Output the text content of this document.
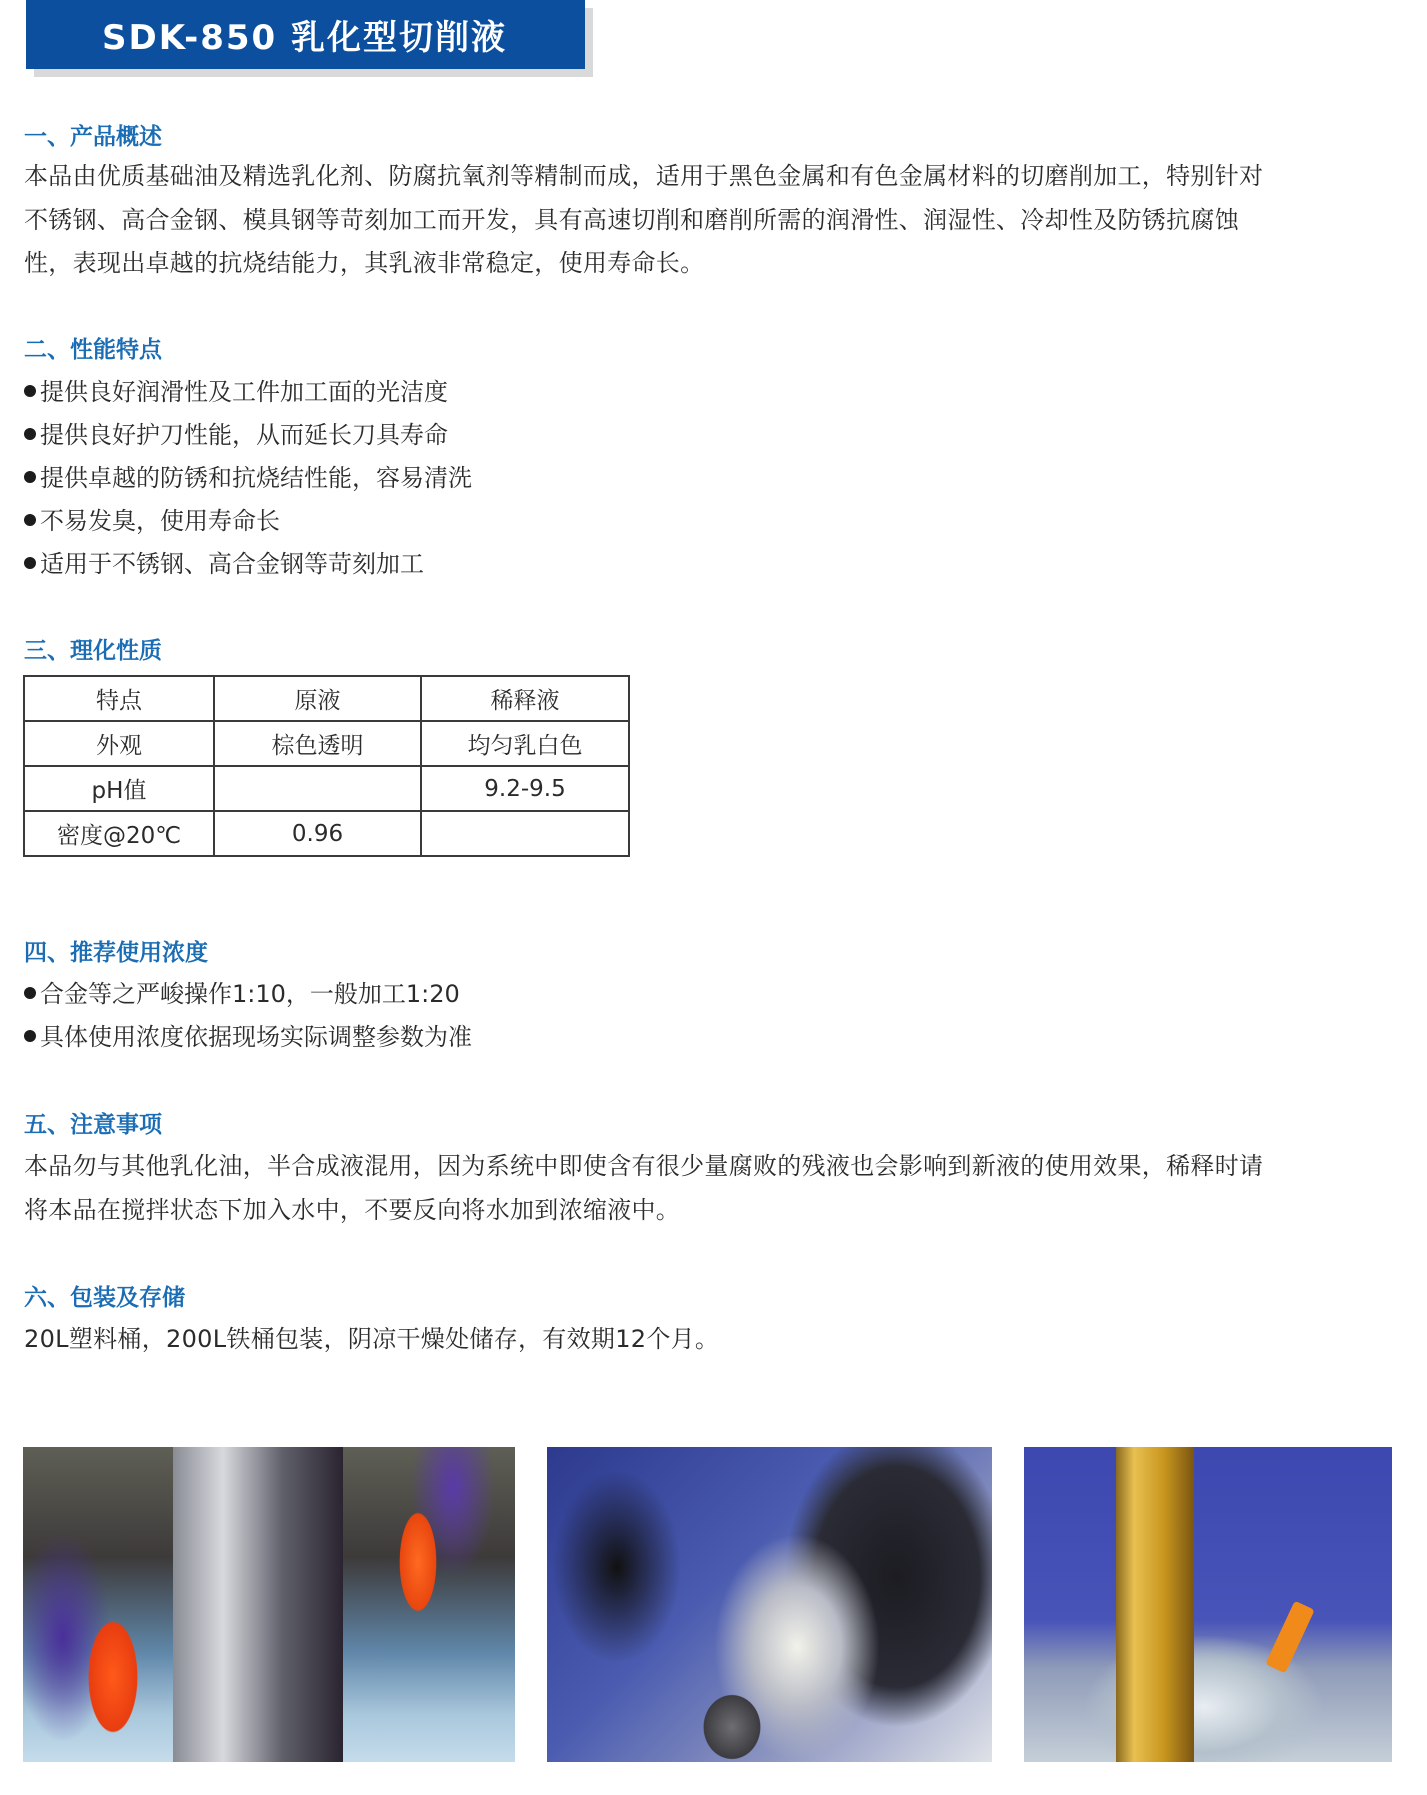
SDK-850 乳化型切削液
一、产品概述
本品由优质基础油及精选乳化剂、防腐抗氧剂等精制而成，适用于黑色金属和有色金属材料的切磨削加工，特别针对
不锈钢、高合金钢、模具钢等苛刻加工而开发，具有高速切削和磨削所需的润滑性、润湿性、冷却性及防锈抗腐蚀
性，表现出卓越的抗烧结能力，其乳液非常稳定，使用寿命长。
二、性能特点
提供良好润滑性及工件加工面的光洁度
提供良好护刀性能，从而延长刀具寿命
提供卓越的防锈和抗烧结性能，容易清洗
不易发臭，使用寿命长
适用于不锈钢、高合金钢等苛刻加工
三、理化性质
特点	原液	稀释液
外观	棕色透明	均匀乳白色
pH值		9.2-9.5
密度@20℃	0.96	
四、推荐使用浓度
合金等之严峻操作1:10，一般加工1:20
具体使用浓度依据现场实际调整参数为准
五、注意事项
本品勿与其他乳化油，半合成液混用，因为系统中即使含有很少量腐败的残液也会影响到新液的使用效果，稀释时请
将本品在搅拌状态下加入水中，不要反向将水加到浓缩液中。
六、包装及存储
20L塑料桶，200L铁桶包装，阴凉干燥处储存，有效期12个月。
